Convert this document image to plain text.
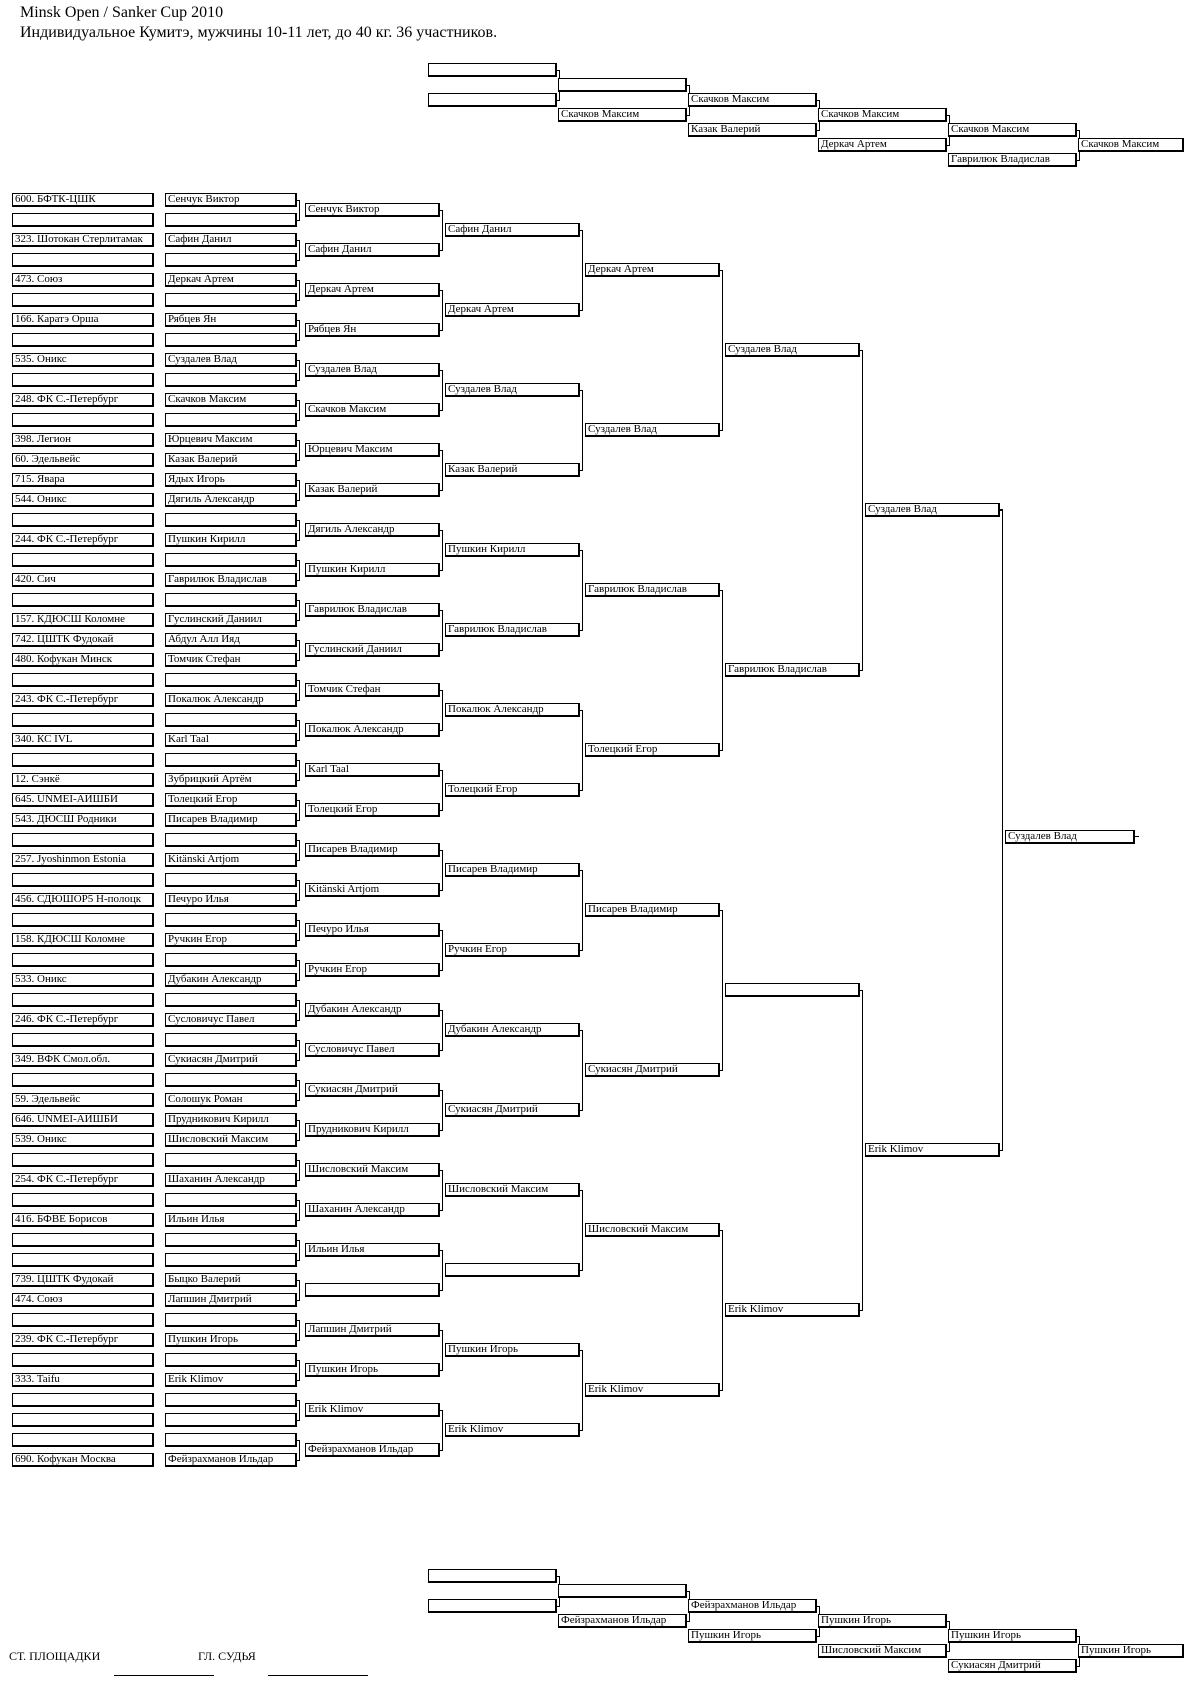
Minsk Open / Sanker Cup 2010
Индивидуальное Кумитэ, мужчины 10-11 лет, до 40 кг. 36 участников.
600. БФТК-ЦШК
323. Шотокан Стерлитамак
473. Союз
166. Каратэ Орша
535. Оникс
248. ФК С.-Петербург
398. Легион
60. Эдельвейс
715. Явара
544. Оникс
244. ФК С.-Петербург
420. Сич
157. КДЮСШ Коломне
742. ЦШТК Фудокай
480. Кофукан Минск
243. ФК С.-Петербург
340. КС IVL
12. Сэнкё
645. UNMEI-АИШБИ
543. ДЮСШ Родники
257. Jyoshinmon Estonia
456. СДЮШОР5 Н-полоцк
158. КДЮСШ Коломне
533. Оникс
246. ФК С.-Петербург
349. ВФК Смол.обл.
59. Эдельвейс
646. UNMEI-АИШБИ
539. Оникс
254. ФК С.-Петербург
416. БФВЕ Борисов
739. ЦШТК Фудокай
474. Союз
239. ФК С.-Петербург
333. Taifu
690. Кофукан Москва
Сенчук Виктор
Сафин Данил
Деркач Артем
Рябцев Ян
Суздалев Влад
Скачков Максим
Юрцевич Максим
Казак Валерий
Ядых Игорь
Дягиль Александр
Пушкин Кирилл
Гаврилюк Владислав
Гуслинский Даниил
Абдул Алл Ияд
Томчик Стефан
Покалюк Александр
Karl Taal
Зубрицкий Артём
Толецкий Егор
Писарев Владимир
Kitänski Artjom
Печуро Илья
Ручкин Егор
Дубакин Александр
Сусловичус Павел
Сукиасян Дмитрий
Солошук Роман
Прудникович Кирилл
Шисловский Максим
Шаханин Александр
Ильин Илья
Быцко Валерий
Лапшин Дмитрий
Пушкин Игорь
Erik Klimov
Фейзрахманов Ильдар
Сенчук Виктор
Сафин Данил
Деркач Артем
Рябцев Ян
Суздалев Влад
Скачков Максим
Юрцевич Максим
Казак Валерий
Дягиль Александр
Пушкин Кирилл
Гаврилюк Владислав
Гуслинский Даниил
Томчик Стефан
Покалюк Александр
Karl Taal
Толецкий Егор
Писарев Владимир
Kitänski Artjom
Печуро Илья
Ручкин Егор
Дубакин Александр
Сусловичус Павел
Сукиасян Дмитрий
Прудникович Кирилл
Шисловский Максим
Шаханин Александр
Ильин Илья
Лапшин Дмитрий
Пушкин Игорь
Erik Klimov
Фейзрахманов Ильдар
Сафин Данил
Деркач Артем
Суздалев Влад
Казак Валерий
Пушкин Кирилл
Гаврилюк Владислав
Покалюк Александр
Толецкий Егор
Писарев Владимир
Ручкин Егор
Дубакин Александр
Сукиасян Дмитрий
Шисловский Максим
Пушкин Игорь
Erik Klimov
Деркач Артем
Суздалев Влад
Гаврилюк Владислав
Толецкий Егор
Писарев Владимир
Сукиасян Дмитрий
Шисловский Максим
Erik Klimov
Суздалев Влад
Гаврилюк Владислав
Erik Klimov
Суздалев Влад
Erik Klimov
Суздалев Влад
Скачков Максим
Скачков Максим
Казак Валерий
Скачков Максим
Деркач Артем
Скачков Максим
Гаврилюк Владислав
Скачков Максим
Фейзрахманов Ильдар
Фейзрахманов Ильдар
Пушкин Игорь
Пушкин Игорь
Шисловский Максим
Пушкин Игорь
Сукиасян Дмитрий
Пушкин Игорь
СТ. ПЛОЩАДКИ	ГЛ. СУДЬЯ
